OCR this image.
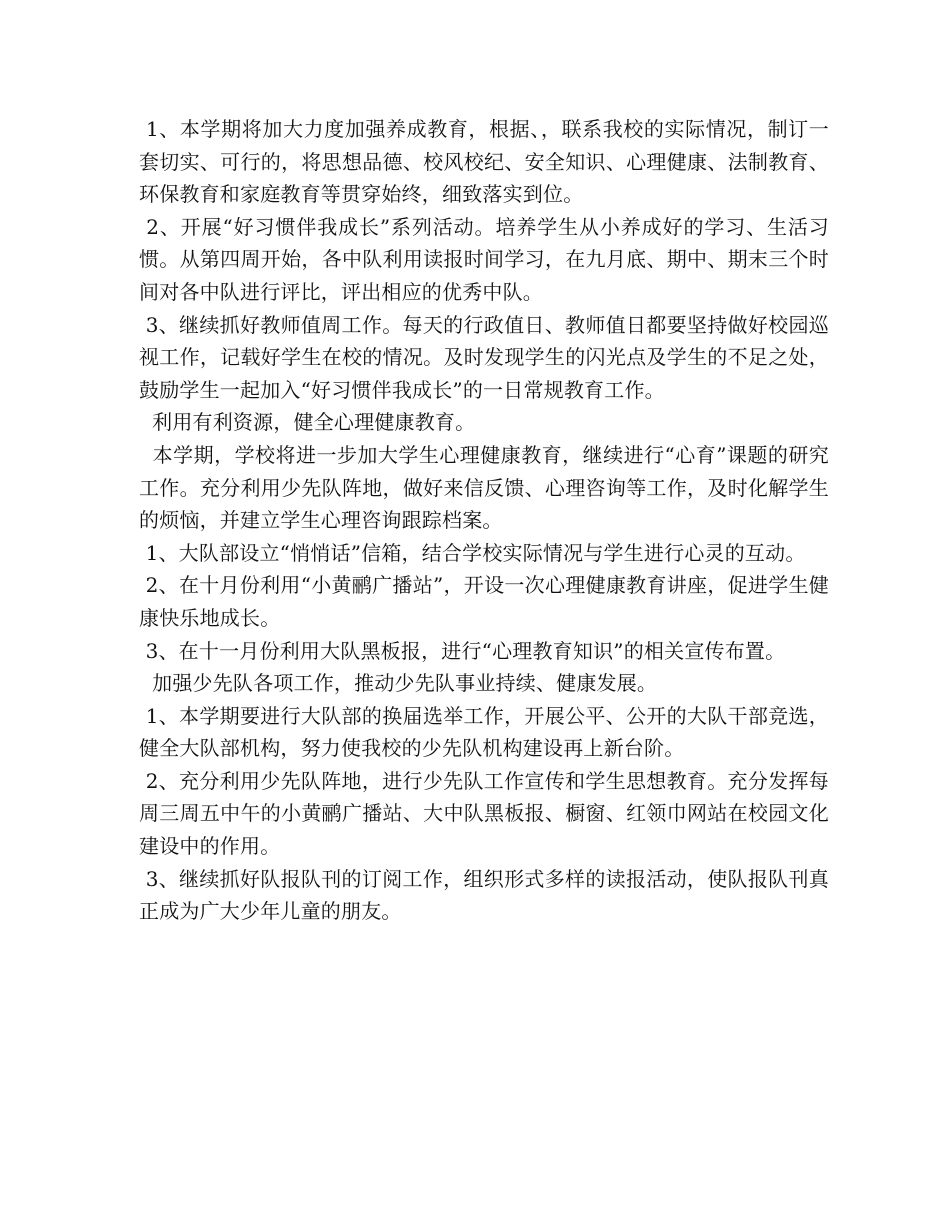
1、本学期将加大力度加强养成教育，根据、，联系我校的实际情况，制订一套切实、可行的，将思想品德、校风校纪、安全知识、心理健康、法制教育、环保教育和家庭教育等贯穿始终，细致落实到位。

2、开展“好习惯伴我成长”系列活动。培养学生从小养成好的学习、生活习惯。从第四周开始，各中队利用读报时间学习，在九月底、期中、期末三个时间对各中队进行评比，评出相应的优秀中队。

3、继续抓好教师值周工作。每天的行政值日、教师值日都要坚持做好校园巡视工作，记载好学生在校的情况。及时发现学生的闪光点及学生的不足之处，鼓励学生一起加入“好习惯伴我成长”的一日常规教育工作。

利用有利资源，健全心理健康教育。

本学期，学校将进一步加大学生心理健康教育，继续进行“心育”课题的研究工作。充分利用少先队阵地，做好来信反馈、心理咨询等工作，及时化解学生的烦恼，并建立学生心理咨询跟踪档案。

1、大队部设立“悄悄话”信箱，结合学校实际情况与学生进行心灵的互动。

2、在十月份利用“小黄鹂广播站”，开设一次心理健康教育讲座，促进学生健康快乐地成长。

3、在十一月份利用大队黑板报，进行“心理教育知识”的相关宣传布置。

加强少先队各项工作，推动少先队事业持续、健康发展。

1、本学期要进行大队部的换届选举工作，开展公平、公开的大队干部竞选，健全大队部机构，努力使我校的少先队机构建设再上新台阶。

2、充分利用少先队阵地，进行少先队工作宣传和学生思想教育。充分发挥每周三周五中午的小黄鹂广播站、大中队黑板报、橱窗、红领巾网站在校园文化建设中的作用。

3、继续抓好队报队刊的订阅工作，组织形式多样的读报活动，使队报队刊真正成为广大少年儿童的朋友。
